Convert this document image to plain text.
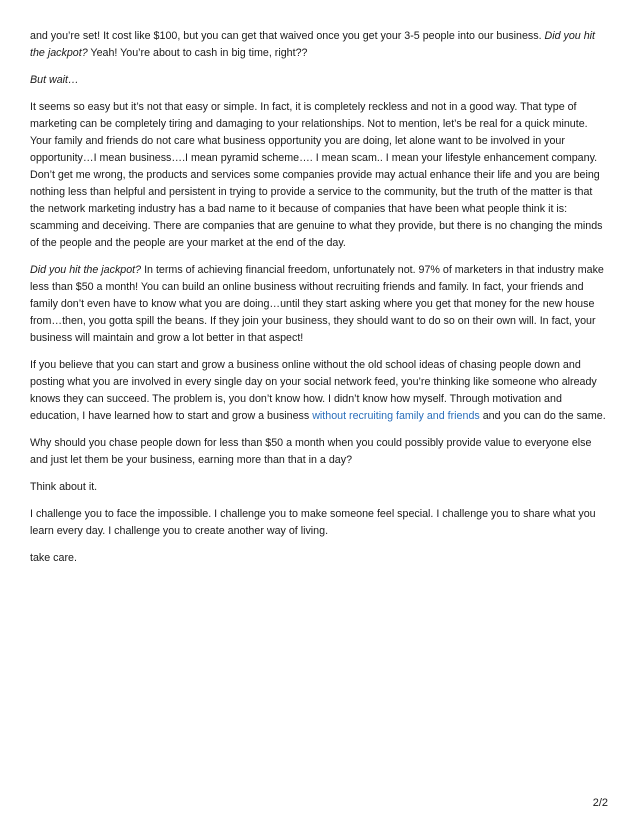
and you’re set! It cost like $100, but you can get that waived once you get your 3-5 people into our business. Did you hit the jackpot? Yeah! You’re about to cash in big time, right??

But wait…

It seems so easy but it’s not that easy or simple. In fact, it is completely reckless and not in a good way. That type of marketing can be completely tiring and damaging to your relationships. Not to mention, let’s be real for a quick minute. Your family and friends do not care what business opportunity you are doing, let alone want to be involved in your opportunity…I mean business….I mean pyramid scheme…. I mean scam.. I mean your lifestyle enhancement company. Don’t get me wrong, the products and services some companies provide may actual enhance their life and you are being nothing less than helpful and persistent in trying to provide a service to the community, but the truth of the matter is that the network marketing industry has a bad name to it because of companies that have been what people think it is: scamming and deceiving. There are companies that are genuine to what they provide, but there is no changing the minds of the people and the people are your market at the end of the day.

Did you hit the jackpot? In terms of achieving financial freedom, unfortunately not. 97% of marketers in that industry make less than $50 a month! You can build an online business without recruiting friends and family. In fact, your friends and family don’t even have to know what you are doing…until they start asking where you get that money for the new house from…then, you gotta spill the beans. If they join your business, they should want to do so on their own will. In fact, your business will maintain and grow a lot better in that aspect!

If you believe that you can start and grow a business online without the old school ideas of chasing people down and posting what you are involved in every single day on your social network feed, you’re thinking like someone who already knows they can succeed. The problem is, you don’t know how. I didn’t know how myself. Through motivation and education, I have learned how to start and grow a business without recruiting family and friends and you can do the same.

Why should you chase people down for less than $50 a month when you could possibly provide value to everyone else and just let them be your business, earning more than that in a day?

Think about it.

I challenge you to face the impossible. I challenge you to make someone feel special. I challenge you to share what you learn every day. I challenge you to create another way of living.

take care.

2/2
